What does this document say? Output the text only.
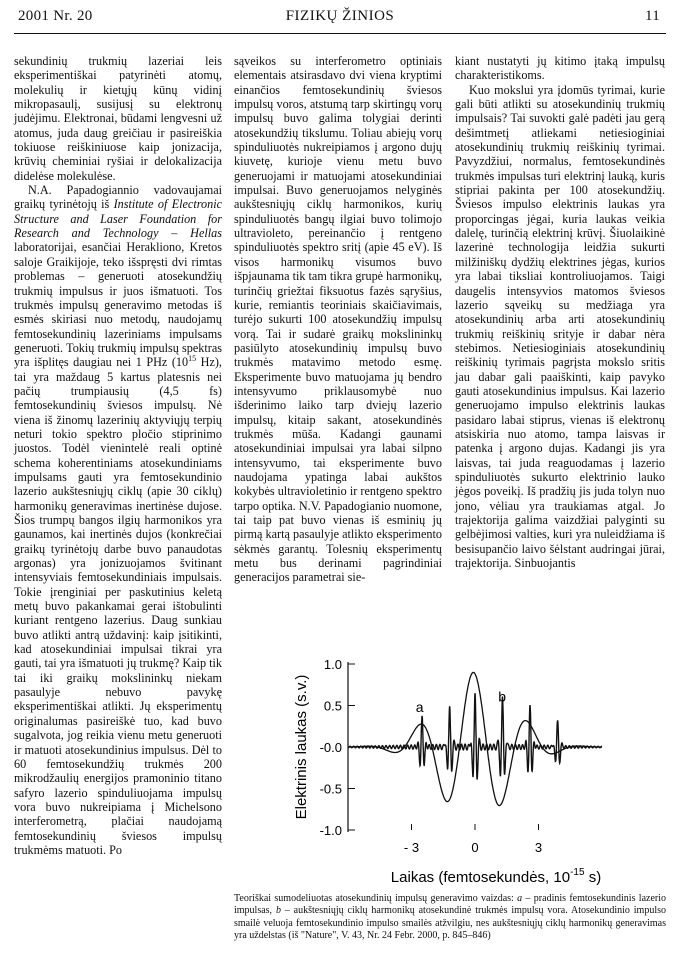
2001 Nr. 20	FIZIKŲ ŽINIOS	11

sekundinių trukmių lazeriai leis eksperimentiškai patyrinėti atomų, molekulių ir kietųjų kūnų vidinį mikropasaulį, susijusį su elektronų judėjimu. Elektronai, būdami lengvesni už atomus, juda daug greičiau ir pasireiškia tokiuose reiškiniuose kaip jonizacija, krūvių cheminiai ryšiai ir delokalizacija didelėse molekulėse.

N.A. Papadogiannio vadovaujamai graikų tyrinėtojų iš Institute of Electronic Structure and Laser Foundation for Research and Technology – Hellas laboratorijai, esančiai Herakliono, Kretos saloje Graikijoje, teko išspręsti dvi rimtas problemas – generuoti atosekundžių trukmių impulsus ir juos išmatuoti. Tos trukmės impulsų generavimo metodas iš esmės skiriasi nuo metodų, naudojamų femtosekundinių lazeriniams impulsams generuoti. Tokių trukmių impulsų spektras yra išplitęs daugiau nei 1 PHz ($10^{15}$ Hz), tai yra maždaug 5 kartus platesnis nei pačių trumpiausių (4,5 fs) femtosekundinių šviesos impulsų. Nė viena iš žinomų lazerinių aktyviųjų terpių neturi tokio spektro pločio stiprinimo juostos. Todėl vienintelė reali optinė schema koherentiniams atosekundiniams impulsams gauti yra femtosekundinio lazerio aukštesniųjų ciklų (apie 30 ciklų) harmonikų generavimas inertinėse dujose. Šios trumpų bangos ilgių harmonikos yra gaunamos, kai inertinės dujos (konkrečiai graikų tyrinėtojų darbe buvo panaudotas argonas) yra jonizuojamos švitinant intensyviais femtosekundiniais impulsais. Tokie įrenginiai per paskutinius keletą metų buvo pakankamai gerai ištobulinti kuriant rentgeno lazerius. Daug sunkiau buvo atlikti antrą uždavinį: kaip įsitikinti, kad atosekundiniai impulsai tikrai yra gauti, tai yra išmatuoti jų trukmę? Kaip tik tai iki graikų mokslininkų niekam pasaulyje nebuvo pavykę eksperimentiškai atlikti. Jų eksperimentų originalumas pasireiškė tuo, kad buvo sugalvota, jog reikia vienu metu generuoti ir matuoti atosekundinius impulsus. Dėl to 60 femtosekundžių trukmės 200 mikrodžaulių energijos pramoninio titano safyro lazerio spinduliuojama impulsų vora buvo nukreipiama į Michelsono interferometrą, plačiai naudojamą femtosekundinių šviesos impulsų trukmėms matuoti. Po

sąveikos su interferometro optiniais elementais atsirasdavo dvi viena kryptimi einančios femtosekundinių šviesos impulsų voros, atstumą tarp skirtingų vorų impulsų buvo galima tolygiai derinti atosekundžių tikslumu. Toliau abiejų vorų spinduliuotės nukreipiamos į argono dujų kiuvetę, kurioje vienu metu buvo generuojami ir matuojami atosekundiniai impulsai. Buvo generuojamos nelyginės aukštesniųjų ciklų harmonikos, kurių spinduliuotės bangų ilgiai buvo tolimojo ultravioleto, pereinančio į rentgeno spinduliuotės spektro sritį (apie 45 eV). Iš visos harmonikų visumos buvo išpjaunama tik tam tikra grupė harmonikų, turinčių griežtai fiksuotus fazės sąryšius, kurie, remiantis teoriniais skaičiavimais, turėjo sukurti 100 atosekundžių impulsų vorą. Tai ir sudarė graikų mokslininkų pasiūlyto atosekundinių impulsų buvo trukmės matavimo metodo esmę. Eksperimente buvo matuojama jų bendro intensyvumo priklausomybė nuo išderinimo laiko tarp dviejų lazerio impulsų, kitaip sakant, atosekundinės trukmės mūša. Kadangi gaunami atosekundiniai impulsai yra labai silpno intensyvumo, tai eksperimente buvo naudojama ypatinga labai aukštos kokybės ultravioletinio ir rentgeno spektro tarpo optika. N.V. Papadogianio nuomone, tai taip pat buvo vienas iš esminių jų pirmą kartą pasaulyje atlikto eksperimento sėkmės garantų. Tolesnių eksperimentų metu bus derinami pagrindiniai generacijos parametrai sie-

kiant nustatyti jų kitimo įtaką impulsų charakteristikoms.

Kuo mokslui yra įdomūs tyrimai, kurie gali būti atlikti su atosekundinių trukmių impulsais? Tai suvokti galė padėti jau gerą dešimtmetį atliekami netiesioginiai atosekundinių trukmių reiškinių tyrimai. Pavyzdžiui, normalus, femtosekundinės trukmės impulsas turi elektrinį lauką, kuris stipriai pakinta per 100 atosekundžių. Šviesos impulso elektrinis laukas yra proporcingas jėgai, kuria laukas veikia dalelę, turinčią elektrinį krūvį. Šiuolaikinė lazerinė technologija leidžia sukurti milžiniškų dydžių elektrines jėgas, kurios yra labai tiksliai kontroliuojamos. Taigi daugelis intensyvios matomos šviesos lazerio sąveikų su medžiaga yra atosekundinių arba arti atosekundinių trukmių reiškinių srityje ir dabar nėra stebimos. Netiesioginiais atosekundinių reiškinių tyrimais pagrįsta mokslo sritis jau dabar gali paaiškinti, kaip pavyko gauti atosekundinius impulsus. Kai lazerio generuojamo impulso elektrinis laukas pasidaro labai stiprus, vienas iš elektronų atsiskiria nuo atomo, tampa laisvas ir patenka į argono dujas. Kadangi jis yra laisvas, tai juda reaguodamas į lazerio spinduliuotės sukurto elektrinio lauko jėgos poveikį. Iš pradžių jis juda tolyn nuo jono, vėliau yra traukiamas atgal. Jo trajektorija galima vaizdžiai palyginti su gelbėjimosi valties, kuri yra nuleidžiama iš besisupančio laivo šėlstant audringai jūrai, trajektorija. Sinbuojantis

Elektrinis laukas (s.v.)
Laikas (femtosekundės, $10^{-15}$ s)
1.0
0.5
-0.0
-0.5
-1.0
- 3	0	3
a
b
Teoriškai sumodeliuotas atosekundinių impulsų generavimo vaizdas: a – pradinis femtosekundinis lazerio impulsas, b – aukštesniųjų ciklų harmonikų atosekundinė trukmės impulsų vora. Atosekundinio impulso smailė veluoja femtosekundinio impulso smailės atžvilgiu, nes aukštesniųjų ciklų harmonikų generavimas yra uždelstas (iš "Nature", V. 43, Nr. 24 Febr. 2000, p. 845–846)
